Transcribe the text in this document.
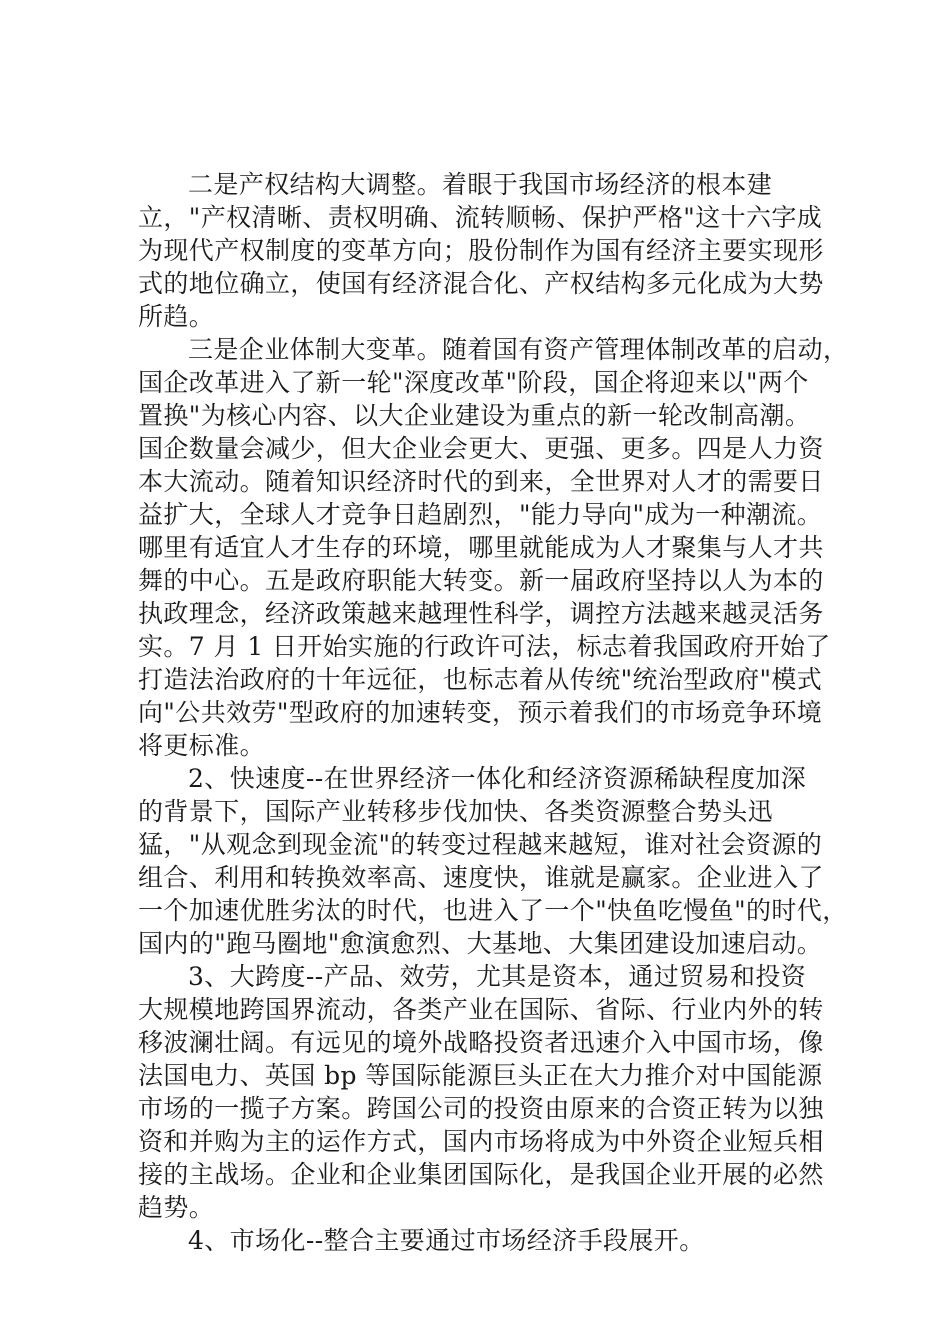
二是产权结构大调整。着眼于我国市场经济的根本建
立，"产权清晰、责权明确、流转顺畅、保护严格"这十六字成
为现代产权制度的变革方向；股份制作为国有经济主要实现形
式的地位确立，使国有经济混合化、产权结构多元化成为大势
所趋。
三是企业体制大变革。随着国有资产管理体制改革的启动，
国企改革进入了新一轮"深度改革"阶段，国企将迎来以"两个
置换"为核心内容、以大企业建设为重点的新一轮改制高潮。
国企数量会减少，但大企业会更大、更强、更多。四是人力资
本大流动。随着知识经济时代的到来，全世界对人才的需要日
益扩大，全球人才竞争日趋剧烈，"能力导向"成为一种潮流。
哪里有适宜人才生存的环境，哪里就能成为人才聚集与人才共
舞的中心。五是政府职能大转变。新一届政府坚持以人为本的
执政理念，经济政策越来越理性科学，调控方法越来越灵活务
实。7 月 1 日开始实施的行政许可法，标志着我国政府开始了
打造法治政府的十年远征，也标志着从传统"统治型政府"模式
向"公共效劳"型政府的加速转变，预示着我们的市场竞争环境
将更标准。
2、快速度--在世界经济一体化和经济资源稀缺程度加深
的背景下，国际产业转移步伐加快、各类资源整合势头迅
猛，"从观念到现金流"的转变过程越来越短，谁对社会资源的
组合、利用和转换效率高、速度快，谁就是赢家。企业进入了
一个加速优胜劣汰的时代，也进入了一个"快鱼吃慢鱼"的时代，
国内的"跑马圈地"愈演愈烈、大基地、大集团建设加速启动。
3、大跨度--产品、效劳，尤其是资本，通过贸易和投资
大规模地跨国界流动，各类产业在国际、省际、行业内外的转
移波澜壮阔。有远见的境外战略投资者迅速介入中国市场，像
法国电力、英国 bp 等国际能源巨头正在大力推介对中国能源
市场的一揽子方案。跨国公司的投资由原来的合资正转为以独
资和并购为主的运作方式，国内市场将成为中外资企业短兵相
接的主战场。企业和企业集团国际化，是我国企业开展的必然
趋势。
4、市场化--整合主要通过市场经济手段展开。
